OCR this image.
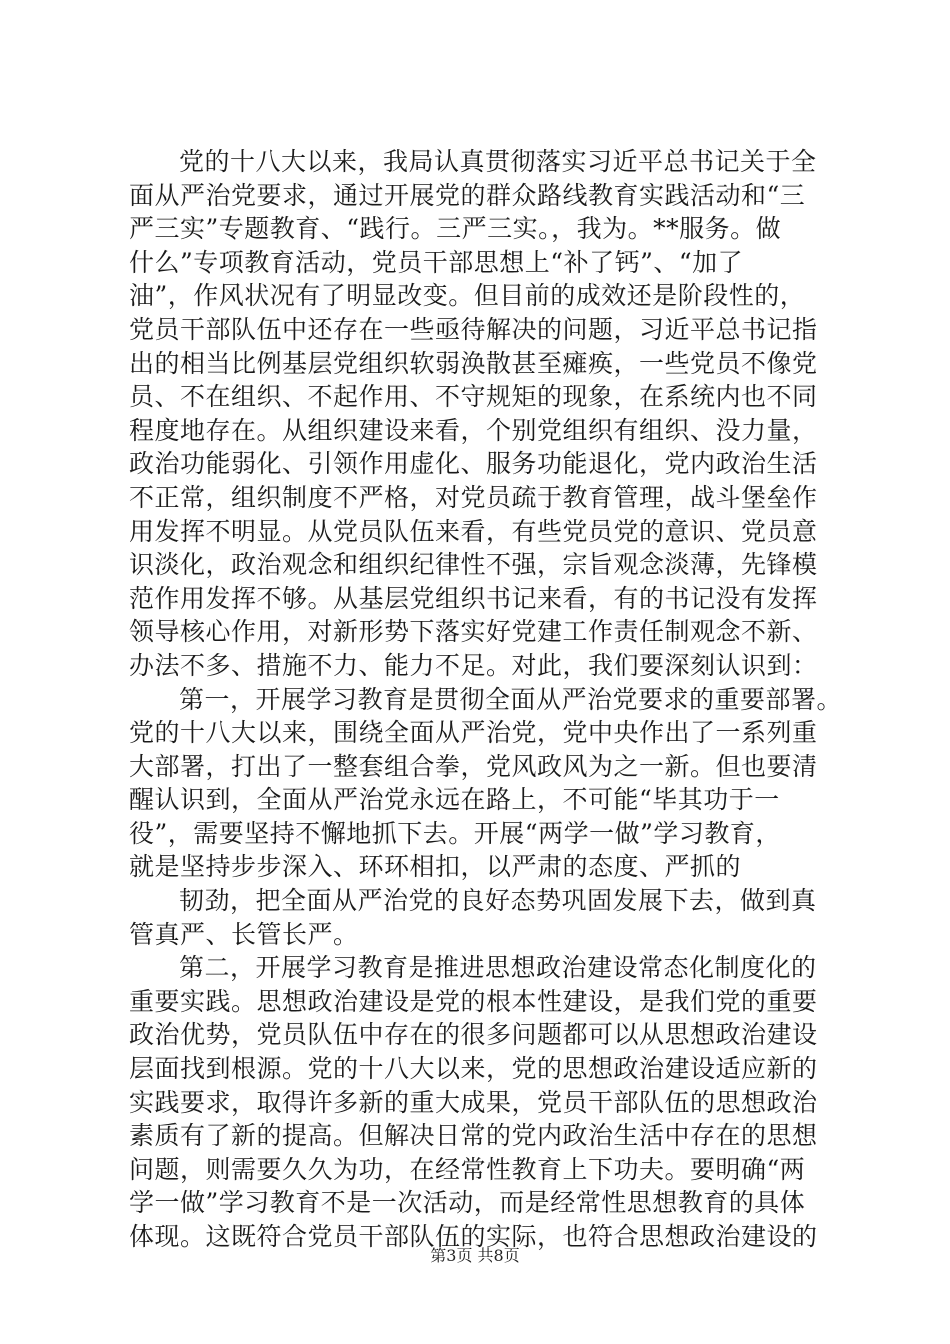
党的十八大以来，我局认真贯彻落实习近平总书记关于全
面从严治党要求，通过开展党的群众路线教育实践活动和“三
严三实”专题教育、“践行。三严三实。，我为。**服务。做
什么”专项教育活动，党员干部思想上“补了钙”、“加了
油”，作风状况有了明显改变。但目前的成效还是阶段性的，
党员干部队伍中还存在一些亟待解决的问题，习近平总书记指
出的相当比例基层党组织软弱涣散甚至瘫痪，一些党员不像党
员、不在组织、不起作用、不守规矩的现象，在系统内也不同
程度地存在。从组织建设来看，个别党组织有组织、没力量，
政治功能弱化、引领作用虚化、服务功能退化，党内政治生活
不正常，组织制度不严格，对党员疏于教育管理，战斗堡垒作
用发挥不明显。从党员队伍来看，有些党员党的意识、党员意
识淡化，政治观念和组织纪律性不强，宗旨观念淡薄，先锋模
范作用发挥不够。从基层党组织书记来看，有的书记没有发挥
领导核心作用，对新形势下落实好党建工作责任制观念不新、
办法不多、措施不力、能力不足。对此，我们要深刻认识到：
第一，开展学习教育是贯彻全面从严治党要求的重要部署。
党的十八大以来，围绕全面从严治党，党中央作出了一系列重
大部署，打出了一整套组合拳，党风政风为之一新。但也要清
醒认识到，全面从严治党永远在路上，不可能“毕其功于一
役”，需要坚持不懈地抓下去。开展“两学一做”学习教育，
就是坚持步步深入、环环相扣，以严肃的态度、严抓的
韧劲，把全面从严治党的良好态势巩固发展下去，做到真
管真严、长管长严。
第二，开展学习教育是推进思想政治建设常态化制度化的
重要实践。思想政治建设是党的根本性建设，是我们党的重要
政治优势，党员队伍中存在的很多问题都可以从思想政治建设
层面找到根源。党的十八大以来，党的思想政治建设适应新的
实践要求，取得许多新的重大成果，党员干部队伍的思想政治
素质有了新的提高。但解决日常的党内政治生活中存在的思想
问题，则需要久久为功，在经常性教育上下功夫。要明确“两
学一做”学习教育不是一次活动，而是经常性思想教育的具体
体现。这既符合党员干部队伍的实际，也符合思想政治建设的
第3页 共8页
